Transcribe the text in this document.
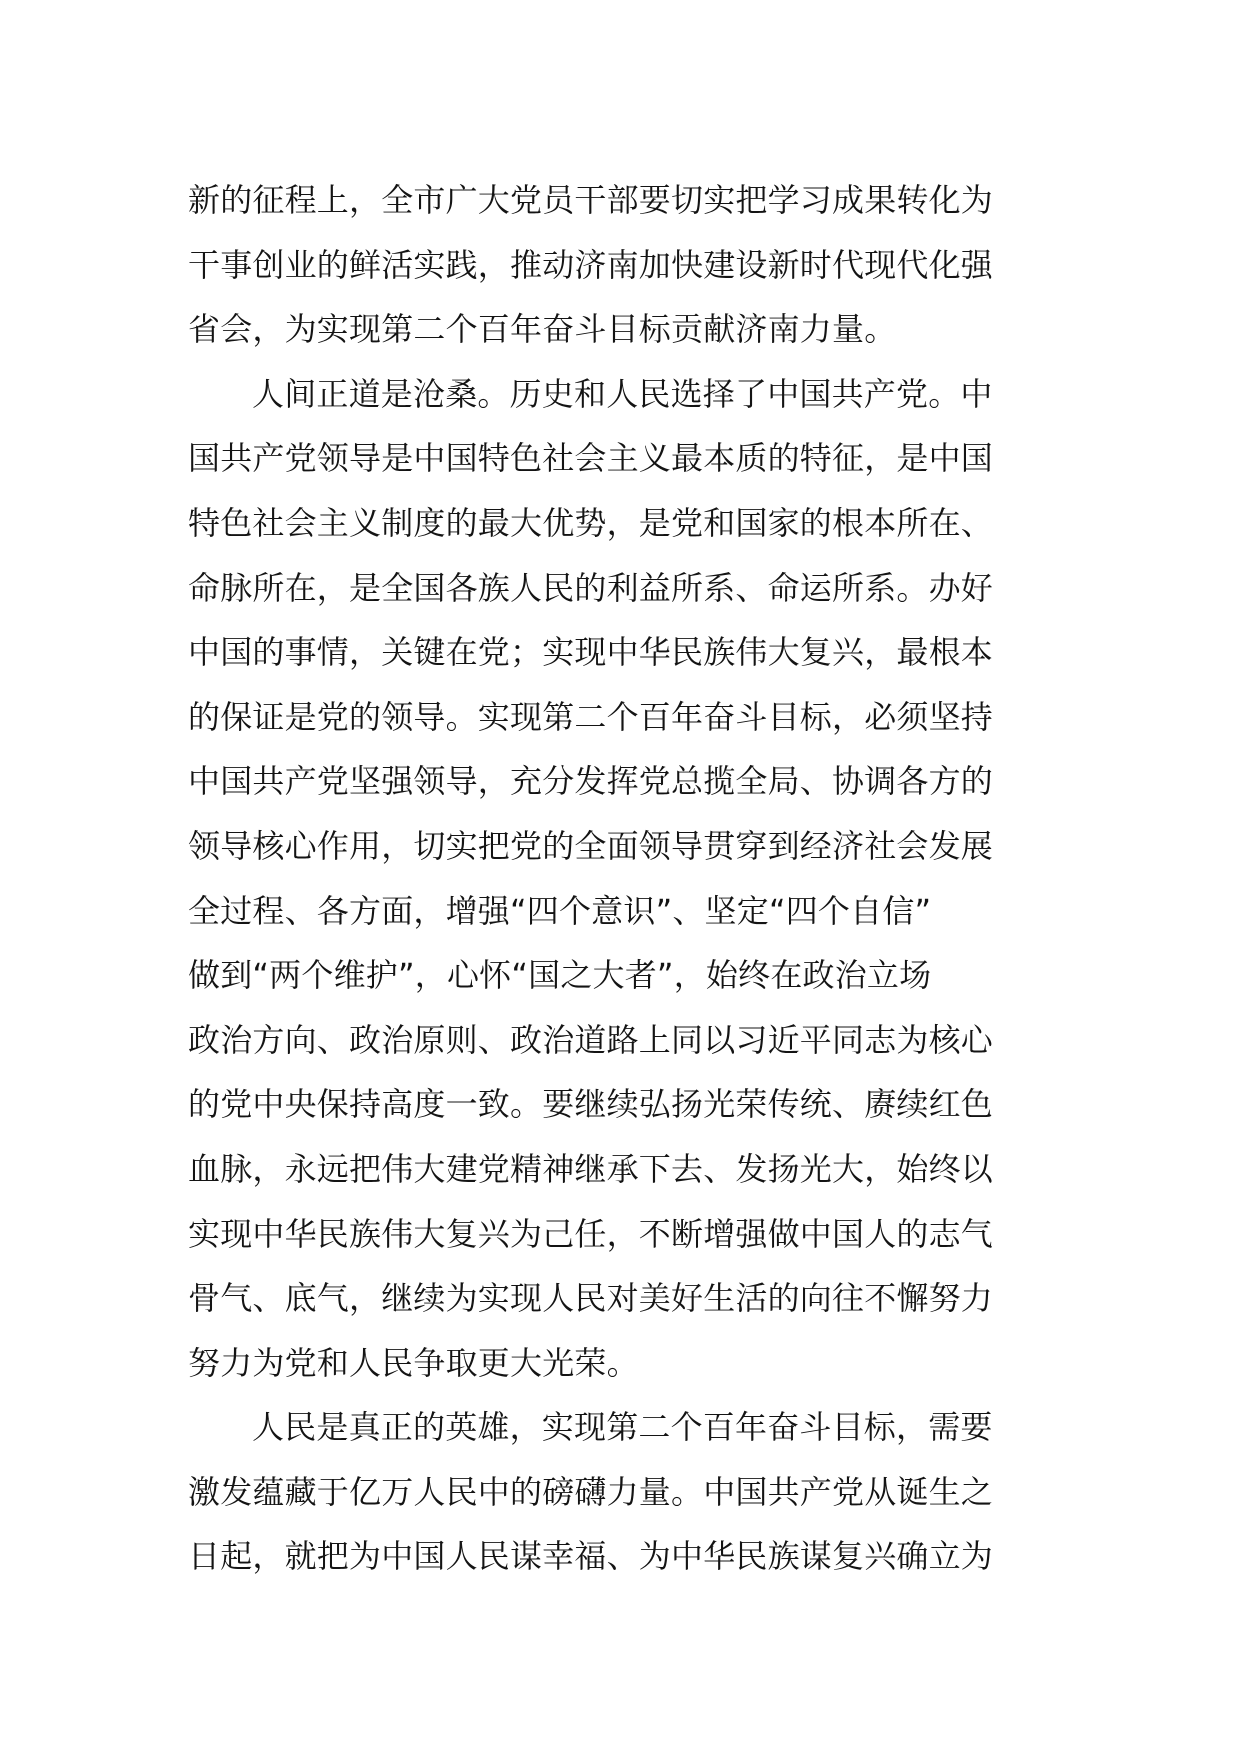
新的征程上，全市广大党员干部要切实把学习成果转化为
干事创业的鲜活实践，推动济南加快建设新时代现代化强
省会，为实现第二个百年奋斗目标贡献济南力量。
人间正道是沧桑。历史和人民选择了中国共产党。中
国共产党领导是中国特色社会主义最本质的特征，是中国
特色社会主义制度的最大优势，是党和国家的根本所在、
命脉所在，是全国各族人民的利益所系、命运所系。办好
中国的事情，关键在党；实现中华民族伟大复兴，最根本
的保证是党的领导。实现第二个百年奋斗目标，必须坚持
中国共产党坚强领导，充分发挥党总揽全局、协调各方的
领导核心作用，切实把党的全面领导贯穿到经济社会发展
全过程、各方面，增强“四个意识”、坚定“四个自信”
做到“两个维护”，心怀“国之大者”，始终在政治立场
政治方向、政治原则、政治道路上同以习近平同志为核心
的党中央保持高度一致。要继续弘扬光荣传统、赓续红色
血脉，永远把伟大建党精神继承下去、发扬光大，始终以
实现中华民族伟大复兴为己任，不断增强做中国人的志气
骨气、底气，继续为实现人民对美好生活的向往不懈努力
努力为党和人民争取更大光荣。
人民是真正的英雄，实现第二个百年奋斗目标，需要
激发蕴藏于亿万人民中的磅礴力量。中国共产党从诞生之
日起，就把为中国人民谋幸福、为中华民族谋复兴确立为
